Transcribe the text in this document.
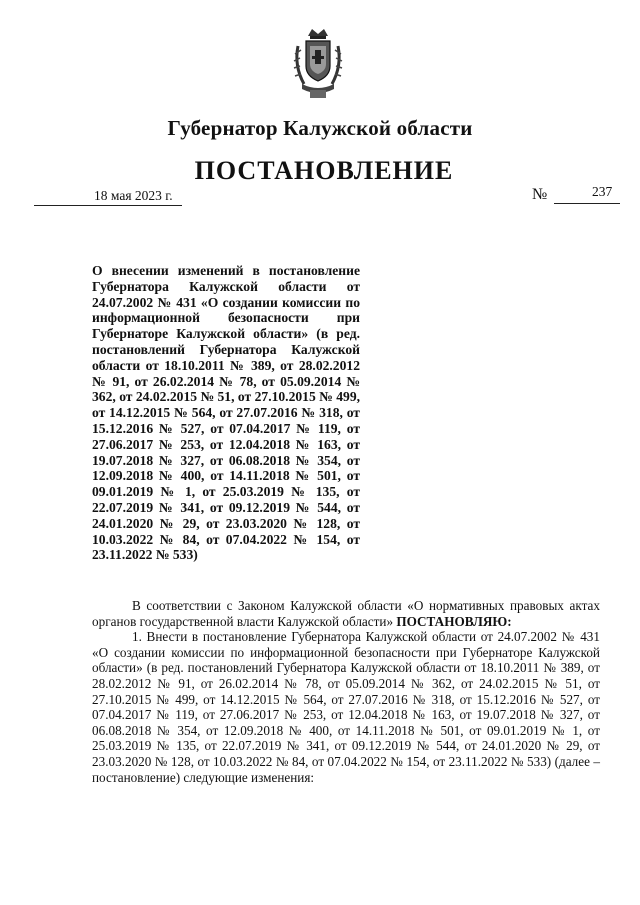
Губернатор Калужской области
ПОСТАНОВЛЕНИЕ
18 мая 2023 г.	№	237
О внесении изменений в постановление Губернатора Калужской области от 24.07.2002 № 431 «О создании комиссии по информационной безопасности при Губернаторе Калужской области» (в ред. постановлений Губернатора Калужской области от 18.10.2011 № 389, от 28.02.2012 № 91, от 26.02.2014 № 78, от 05.09.2014 № 362, от 24.02.2015 № 51, от 27.10.2015 № 499, от 14.12.2015 № 564, от 27.07.2016 № 318, от 15.12.2016 № 527, от 07.04.2017 № 119, от 27.06.2017 № 253, от 12.04.2018 № 163, от 19.07.2018 № 327, от 06.08.2018 № 354, от 12.09.2018 № 400, от 14.11.2018 № 501, от 09.01.2019 № 1, от 25.03.2019 № 135, от 22.07.2019 № 341, от 09.12.2019 № 544, от 24.01.2020 № 29, от 23.03.2020 № 128, от 10.03.2022 № 84, от 07.04.2022 № 154, от 23.11.2022 № 533)

В соответствии с Законом Калужской области «О нормативных правовых актах органов государственной власти Калужской области» ПОСТАНОВЛЯЮ:

1. Внести в постановление Губернатора Калужской области от 24.07.2002 № 431 «О создании комиссии по информационной безопасности при Губернаторе Калужской области» (в ред. постановлений Губернатора Калужской области от 18.10.2011 № 389, от 28.02.2012 № 91, от 26.02.2014 № 78, от 05.09.2014 № 362, от 24.02.2015 № 51, от 27.10.2015 № 499, от 14.12.2015 № 564, от 27.07.2016 № 318, от 15.12.2016 № 527, от 07.04.2017 № 119, от 27.06.2017 № 253, от 12.04.2018 № 163, от 19.07.2018 № 327, от 06.08.2018 № 354, от 12.09.2018 № 400, от 14.11.2018 № 501, от 09.01.2019 № 1, от 25.03.2019 № 135, от 22.07.2019 № 341, от 09.12.2019 № 544, от 24.01.2020 № 29, от 23.03.2020 № 128, от 10.03.2022 № 84, от 07.04.2022 № 154, от 23.11.2022 № 533) (далее – постановление) следующие изменения:
